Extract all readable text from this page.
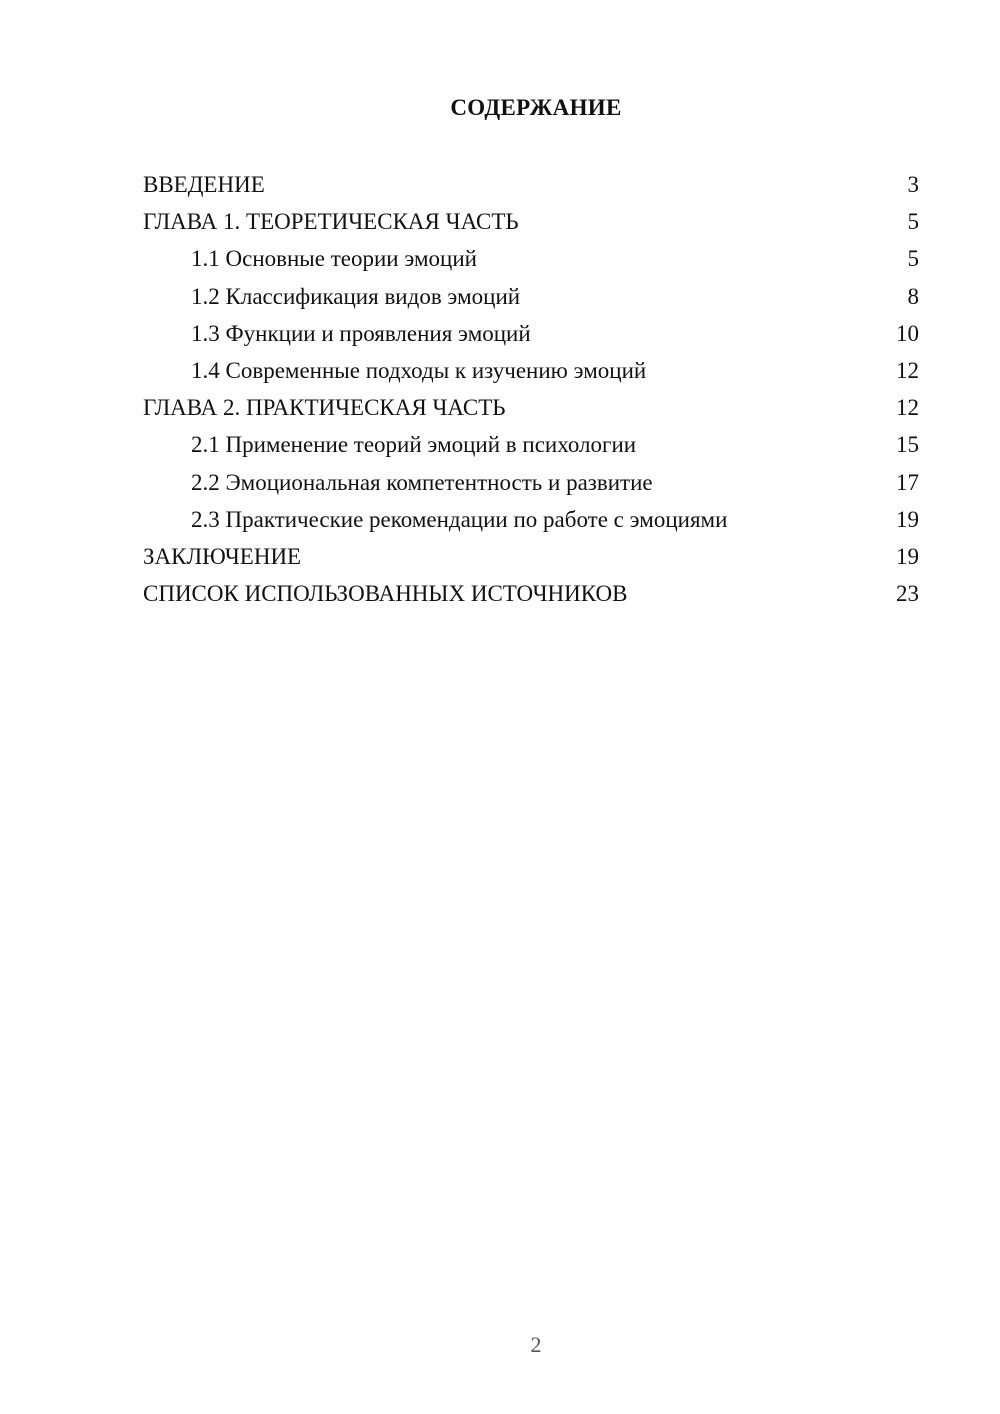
СОДЕРЖАНИЕ
ВВЕДЕНИЕ	3
ГЛАВА 1. ТЕОРЕТИЧЕСКАЯ ЧАСТЬ	5
1.1 Основные теории эмоций	5
1.2 Классификация видов эмоций	8
1.3 Функции и проявления эмоций	10
1.4 Современные подходы к изучению эмоций	12
ГЛАВА 2. ПРАКТИЧЕСКАЯ ЧАСТЬ	12
2.1 Применение теорий эмоций в психологии	15
2.2 Эмоциональная компетентность и развитие	17
2.3 Практические рекомендации по работе с эмоциями	19
ЗАКЛЮЧЕНИЕ	19
СПИСОК ИСПОЛЬЗОВАННЫХ ИСТОЧНИКОВ	23
2
